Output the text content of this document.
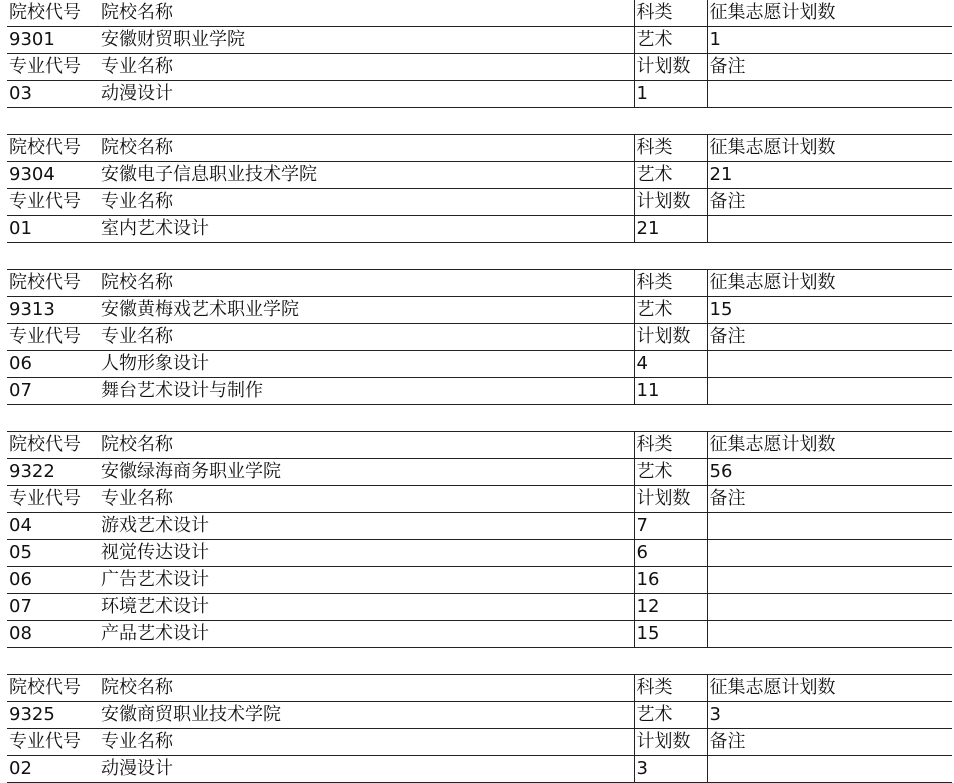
院校代号	院校名称	科类	征集志愿计划数
9301	安徽财贸职业学院	艺术	1
专业代号	专业名称	计划数	备注
03	动漫设计	1	

院校代号	院校名称	科类	征集志愿计划数
9304	安徽电子信息职业技术学院	艺术	21
专业代号	专业名称	计划数	备注
01	室内艺术设计	21	

院校代号	院校名称	科类	征集志愿计划数
9313	安徽黄梅戏艺术职业学院	艺术	15
专业代号	专业名称	计划数	备注
06	人物形象设计	4	
07	舞台艺术设计与制作	11	

院校代号	院校名称	科类	征集志愿计划数
9322	安徽绿海商务职业学院	艺术	56
专业代号	专业名称	计划数	备注
04	游戏艺术设计	7	
05	视觉传达设计	6	
06	广告艺术设计	16	
07	环境艺术设计	12	
08	产品艺术设计	15	

院校代号	院校名称	科类	征集志愿计划数
9325	安徽商贸职业技术学院	艺术	3
专业代号	专业名称	计划数	备注
02	动漫设计	3	
